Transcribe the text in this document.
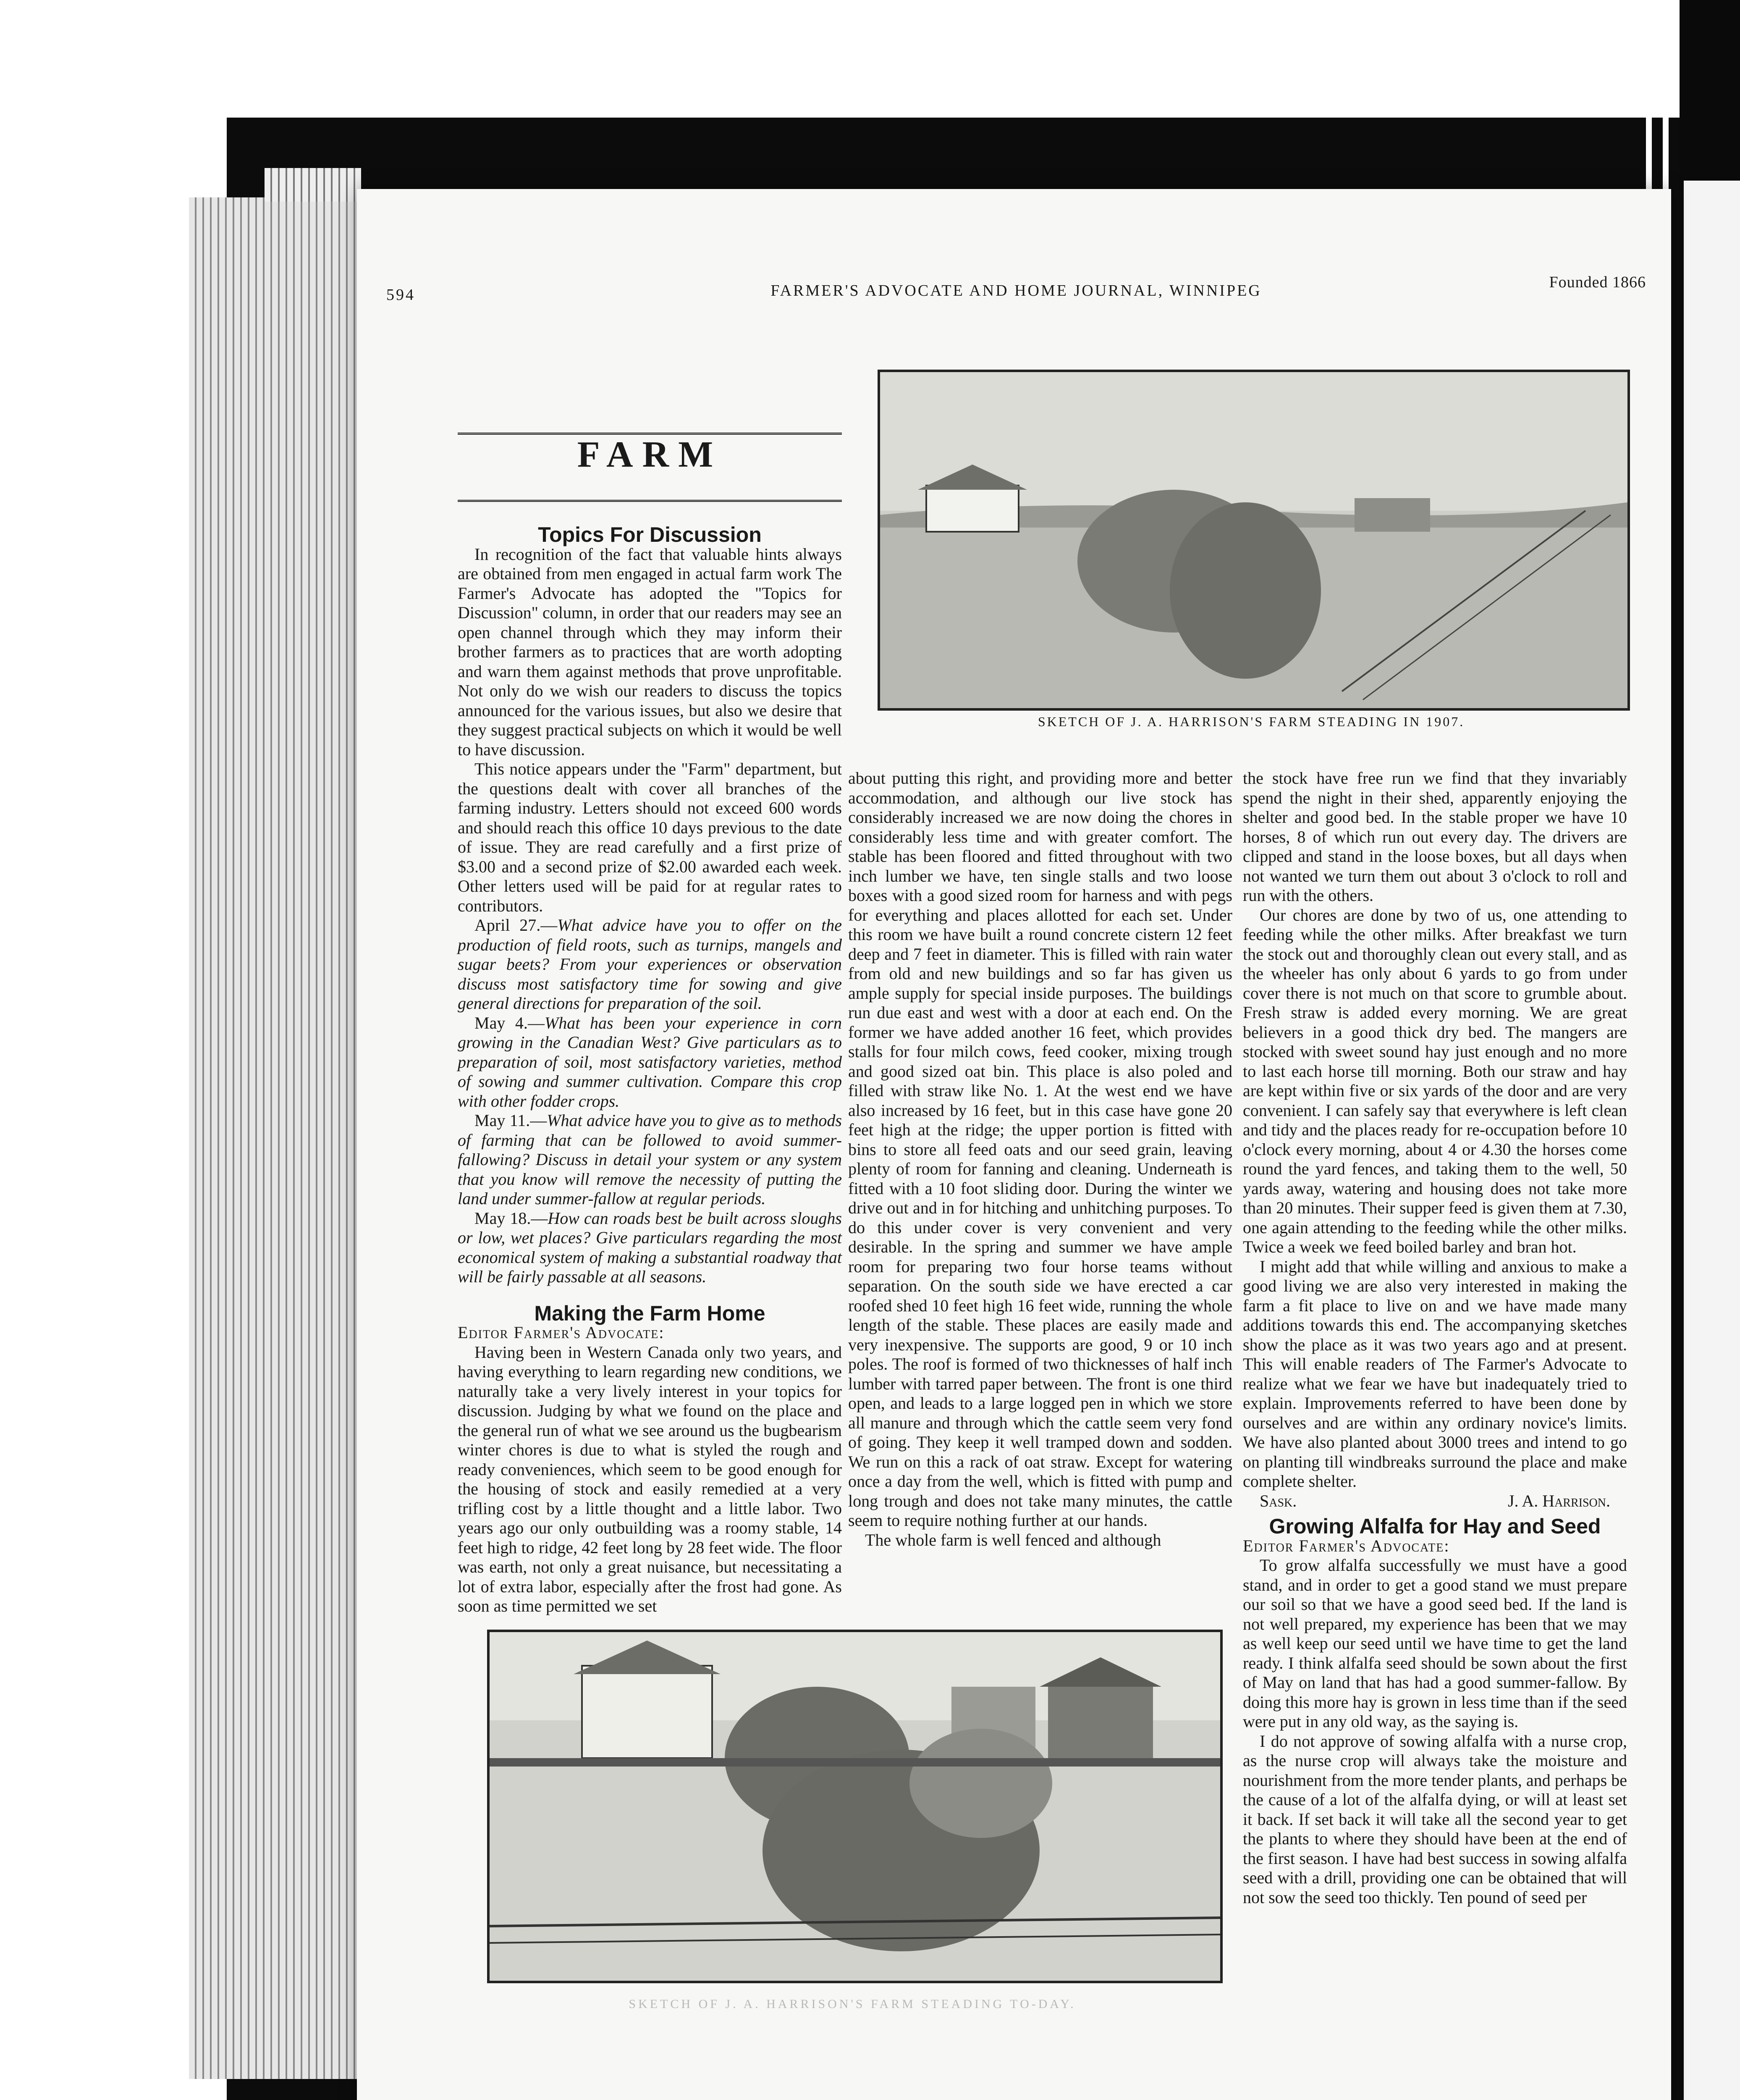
594	FARMER'S ADVOCATE AND HOME JOURNAL, WINNIPEG	Founded 1866
SKETCH OF J. A. HARRISON'S FARM STEADING IN 1907.
FARM

Topics For Discussion

In recognition of the fact that valuable hints always are obtained from men engaged in actual farm work The Farmer's Advocate has adopted the "Topics for Discussion" column, in order that our readers may see an open channel through which they may inform their brother farmers as to practices that are worth adopting and warn them against methods that prove unprofitable. Not only do we wish our readers to discuss the topics announced for the various issues, but also we desire that they suggest practical subjects on which it would be well to have discussion.

This notice appears under the "Farm" department, but the questions dealt with cover all branches of the farming industry. Letters should not exceed 600 words and should reach this office 10 days previous to the date of issue. They are read carefully and a first prize of $3.00 and a second prize of $2.00 awarded each week. Other letters used will be paid for at regular rates to contributors.

April 27.—What advice have you to offer on the production of field roots, such as turnips, mangels and sugar beets? From your experiences or observation discuss most satisfactory time for sowing and give general directions for preparation of the soil.

May 4.—What has been your experience in corn growing in the Canadian West? Give particulars as to preparation of soil, most satisfactory varieties, method of sowing and summer cultivation. Compare this crop with other fodder crops.

May 11.—What advice have you to give as to methods of farming that can be followed to avoid summer-fallowing? Discuss in detail your system or any system that you know will remove the necessity of putting the land under summer-fallow at regular periods.

May 18.—How can roads best be built across sloughs or low, wet places? Give particulars regarding the most economical system of making a substantial roadway that will be fairly passable at all seasons.

Making the Farm Home

Editor Farmer's Advocate:

Having been in Western Canada only two years, and having everything to learn regarding new conditions, we naturally take a very lively interest in your topics for discussion. Judging by what we found on the place and the general run of what we see around us the bugbearism winter chores is due to what is styled the rough and ready conveniences, which seem to be good enough for the housing of stock and easily remedied at a very trifling cost by a little thought and a little labor. Two years ago our only outbuilding was a roomy stable, 14 feet high to ridge, 42 feet long by 28 feet wide. The floor was earth, not only a great nuisance, but necessitating a lot of extra labor, especially after the frost had gone. As soon as time permitted we set

about putting this right, and providing more and better accommodation, and although our live stock has considerably increased we are now doing the chores in considerably less time and with greater comfort. The stable has been floored and fitted throughout with two inch lumber we have, ten single stalls and two loose boxes with a good sized room for harness and with pegs for everything and places allotted for each set. Under this room we have built a round concrete cistern 12 feet deep and 7 feet in diameter. This is filled with rain water from old and new buildings and so far has given us ample supply for special inside purposes. The buildings run due east and west with a door at each end. On the former we have added another 16 feet, which provides stalls for four milch cows, feed cooker, mixing trough and good sized oat bin. This place is also poled and filled with straw like No. 1. At the west end we have also increased by 16 feet, but in this case have gone 20 feet high at the ridge; the upper portion is fitted with bins to store all feed oats and our seed grain, leaving plenty of room for fanning and cleaning. Underneath is fitted with a 10 foot sliding door. During the winter we drive out and in for hitching and unhitching purposes. To do this under cover is very convenient and very desirable. In the spring and summer we have ample room for preparing two four horse teams without separation. On the south side we have erected a car roofed shed 10 feet high 16 feet wide, running the whole length of the stable. These places are easily made and very inexpensive. The supports are good, 9 or 10 inch poles. The roof is formed of two thicknesses of half inch lumber with tarred paper between. The front is one third open, and leads to a large logged pen in which we store all manure and through which the cattle seem very fond of going. They keep it well tramped down and sodden. We run on this a rack of oat straw. Except for watering once a day from the well, which is fitted with pump and long trough and does not take many minutes, the cattle seem to require nothing further at our hands.

The whole farm is well fenced and although

the stock have free run we find that they invariably spend the night in their shed, apparently enjoying the shelter and good bed. In the stable proper we have 10 horses, 8 of which run out every day. The drivers are clipped and stand in the loose boxes, but all days when not wanted we turn them out about 3 o'clock to roll and run with the others.

Our chores are done by two of us, one attending to feeding while the other milks. After breakfast we turn the stock out and thoroughly clean out every stall, and as the wheeler has only about 6 yards to go from under cover there is not much on that score to grumble about. Fresh straw is added every morning. We are great believers in a good thick dry bed. The mangers are stocked with sweet sound hay just enough and no more to last each horse till morning. Both our straw and hay are kept within five or six yards of the door and are very convenient. I can safely say that everywhere is left clean and tidy and the places ready for re-occupation before 10 o'clock every morning, about 4 or 4.30 the horses come round the yard fences, and taking them to the well, 50 yards away, watering and housing does not take more than 20 minutes. Their supper feed is given them at 7.30, one again attending to the feeding while the other milks. Twice a week we feed boiled barley and bran hot.

I might add that while willing and anxious to make a good living we are also very interested in making the farm a fit place to live on and we have made many additions towards this end. The accompanying sketches show the place as it was two years ago and at present. This will enable readers of The Farmer's Advocate to realize what we fear we have but inadequately tried to explain. Improvements referred to have been done by ourselves and are within any ordinary novice's limits. We have also planted about 3000 trees and intend to go on planting till windbreaks surround the place and make complete shelter.

Sask.	J. A. Harrison.

Growing Alfalfa for Hay and Seed

Editor Farmer's Advocate:

To grow alfalfa successfully we must have a good stand, and in order to get a good stand we must prepare our soil so that we have a good seed bed. If the land is not well prepared, my experience has been that we may as well keep our seed until we have time to get the land ready. I think alfalfa seed should be sown about the first of May on land that has had a good summer-fallow. By doing this more hay is grown in less time than if the seed were put in any old way, as the saying is.

I do not approve of sowing alfalfa with a nurse crop, as the nurse crop will always take the moisture and nourishment from the more tender plants, and perhaps be the cause of a lot of the alfalfa dying, or will at least set it back. If set back it will take all the second year to get the plants to where they should have been at the end of the first season. I have had best success in sowing alfalfa seed with a drill, providing one can be obtained that will not sow the seed too thickly. Ten pound of seed per

SKETCH OF J. A. HARRISON'S FARM STEADING TO-DAY.
